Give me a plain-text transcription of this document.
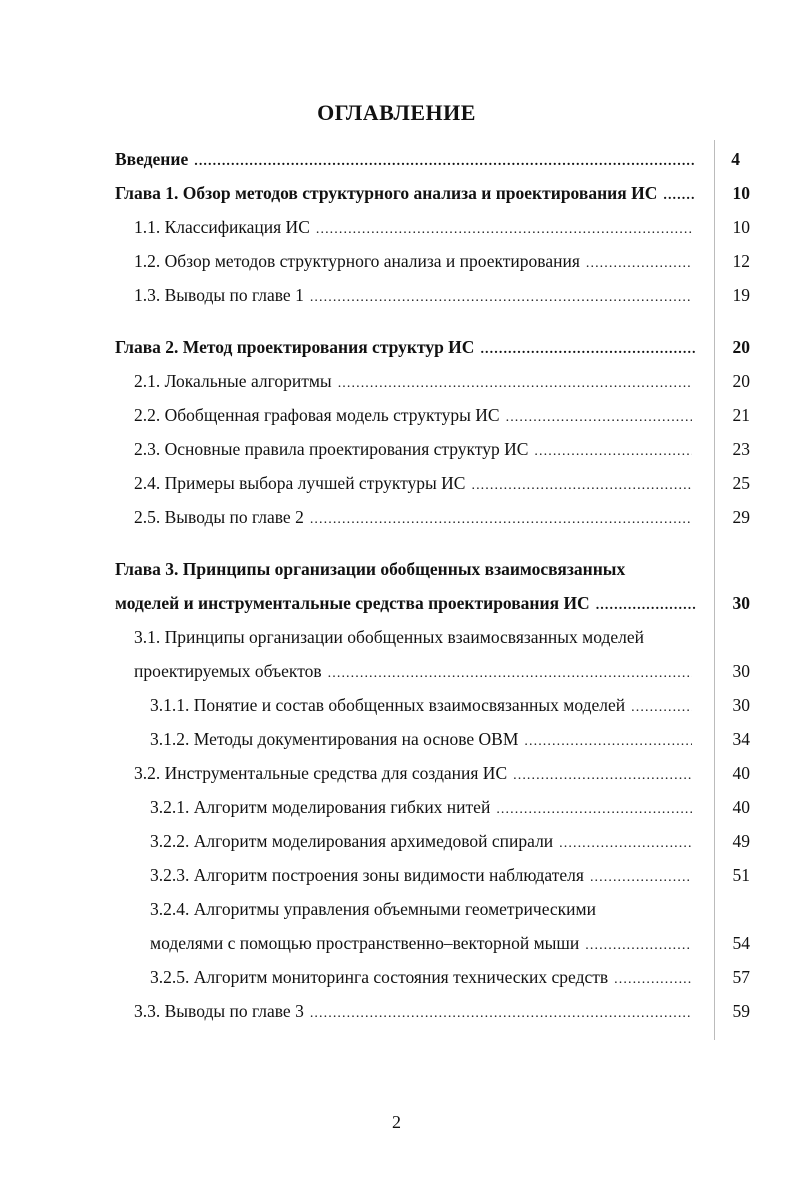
ОГЛАВЛЕНИЕ
Введение . . .	4
Глава 1. Обзор методов структурного анализа и проектирования ИС . . .	10
1.1. Классификация ИС . . .	10
1.2. Обзор методов структурного анализа и проектирования . . .	12
1.3. Выводы по главе 1 . . .	19
Глава 2. Метод проектирования структур ИС . . .	20
2.1. Локальные алгоритмы . . .	20
2.2. Обобщенная графовая модель структуры ИС . . .	21
2.3. Основные правила проектирования структур ИС . . .	23
2.4. Примеры выбора лучшей структуры ИС . . .	25
2.5. Выводы по главе 2 . . .	29
Глава 3. Принципы организации обобщенных взаимосвязанных
моделей и инструментальные средства проектирования ИС . . .	30
3.1. Принципы организации обобщенных взаимосвязанных моделей
проектируемых объектов . . .	30
3.1.1. Понятие и состав обобщенных взаимосвязанных моделей . . .	30
3.1.2. Методы документирования на основе ОВМ . . .	34
3.2. Инструментальные средства для создания ИС . . .	40
3.2.1. Алгоритм моделирования гибких нитей . . .	40
3.2.2. Алгоритм моделирования архимедовой спирали . . .	49
3.2.3. Алгоритм построения зоны видимости наблюдателя . . .	51
3.2.4. Алгоритмы управления объемными геометрическими
моделями с помощью пространственно–векторной мыши . . .	54
3.2.5. Алгоритм мониторинга состояния технических средств . . .	57
3.3. Выводы по главе 3 . . .	59
2
